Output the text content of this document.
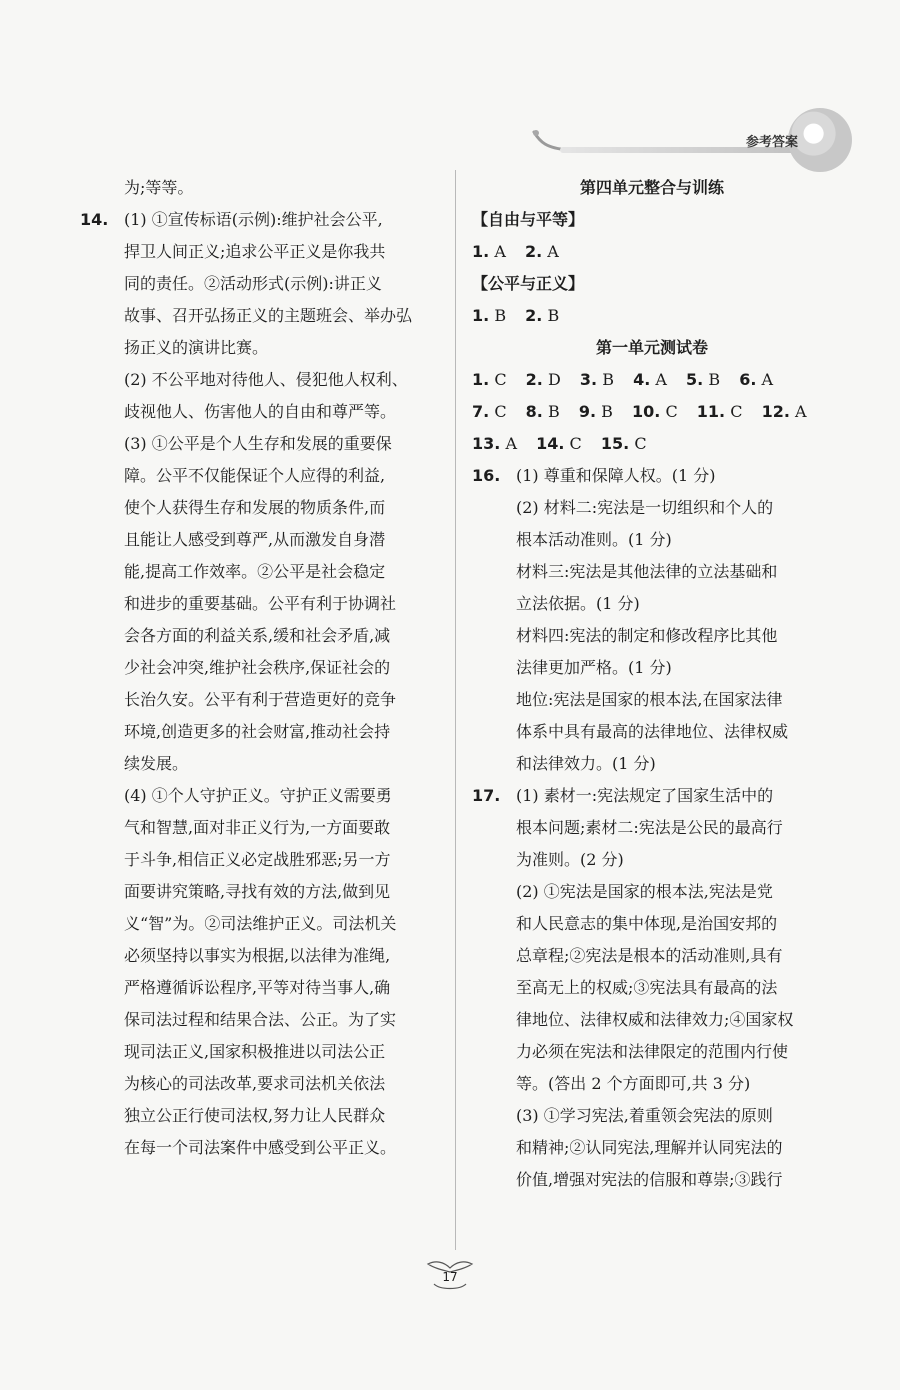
参考答案

为;等等。

14. (1) ①宣传标语(示例):维护社会公平,

捍卫人间正义;追求公平正义是你我共

同的责任。②活动形式(示例):讲正义

故事、召开弘扬正义的主题班会、举办弘

扬正义的演讲比赛。

(2) 不公平地对待他人、侵犯他人权利、

歧视他人、伤害他人的自由和尊严等。

(3) ①公平是个人生存和发展的重要保

障。公平不仅能保证个人应得的利益,

使个人获得生存和发展的物质条件,而

且能让人感受到尊严,从而激发自身潜

能,提高工作效率。②公平是社会稳定

和进步的重要基础。公平有利于协调社

会各方面的利益关系,缓和社会矛盾,减

少社会冲突,维护社会秩序,保证社会的

长治久安。公平有利于营造更好的竞争

环境,创造更多的社会财富,推动社会持

续发展。

(4) ①个人守护正义。守护正义需要勇

气和智慧,面对非正义行为,一方面要敢

于斗争,相信正义必定战胜邪恶;另一方

面要讲究策略,寻找有效的方法,做到见

义“智”为。②司法维护正义。司法机关

必须坚持以事实为根据,以法律为准绳,

严格遵循诉讼程序,平等对待当事人,确

保司法过程和结果合法、公正。为了实

现司法正义,国家积极推进以司法公正

为核心的司法改革,要求司法机关依法

独立公正行使司法权,努力让人民群众

在每一个司法案件中感受到公平正义。

第四单元整合与训练

【自由与平等】

1. A 2. A

【公平与正义】

1. B 2. B

第一单元测试卷

1. C 2. D 3. B 4. A 5. B 6. A

7. C 8. B 9. B 10. C 11. C 12. A

13. A 14. C 15. C

16. (1) 尊重和保障人权。(1 分)

(2) 材料二:宪法是一切组织和个人的

根本活动准则。(1 分)

材料三:宪法是其他法律的立法基础和

立法依据。(1 分)

材料四:宪法的制定和修改程序比其他

法律更加严格。(1 分)

地位:宪法是国家的根本法,在国家法律

体系中具有最高的法律地位、法律权威

和法律效力。(1 分)

17. (1) 素材一:宪法规定了国家生活中的

根本问题;素材二:宪法是公民的最高行

为准则。(2 分)

(2) ①宪法是国家的根本法,宪法是党

和人民意志的集中体现,是治国安邦的

总章程;②宪法是根本的活动准则,具有

至高无上的权威;③宪法具有最高的法

律地位、法律权威和法律效力;④国家权

力必须在宪法和法律限定的范围内行使

等。(答出 2 个方面即可,共 3 分)

(3) ①学习宪法,着重领会宪法的原则

和精神;②认同宪法,理解并认同宪法的

价值,增强对宪法的信服和尊崇;③践行

17
